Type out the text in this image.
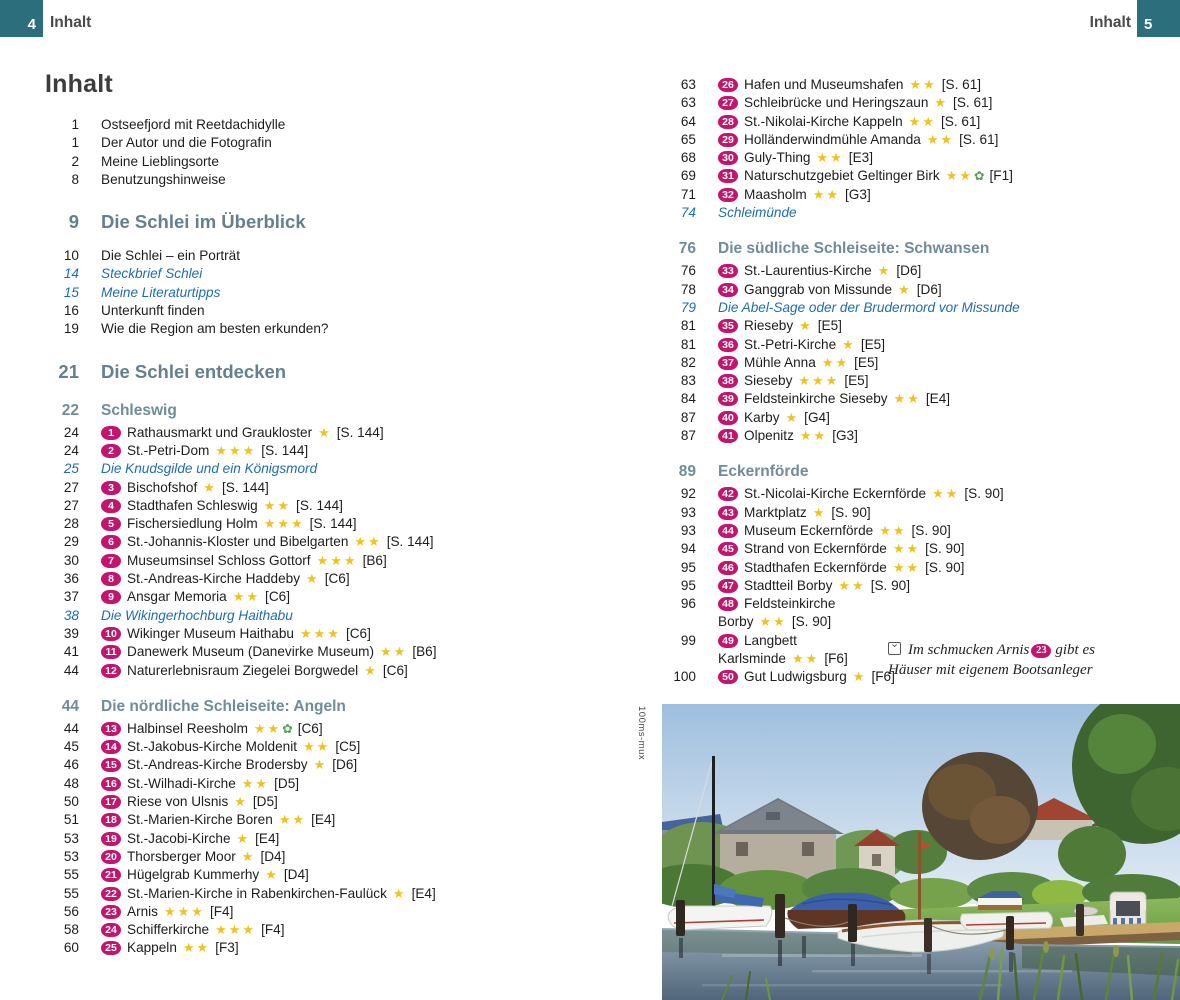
4 Inhalt	5
Inhalt
Inhalt
1	Ostseefjord mit Reetdachidylle
1	Der Autor und die Fotografin
2	Meine Lieblingsorte
8	Benutzungshinweise
9	Die Schlei im Überblick
10	Die Schlei – ein Porträt
14	Steckbrief Schlei
15	Meine Literaturtipps
16	Unterkunft finden
19	Wie die Region am besten erkunden?
21	Die Schlei entdecken
22	Schleswig
24	1 Rathausmarkt und Graukloster ★ [S. 144]
24	2 St.-Petri-Dom ★★★ [S. 144]
25	Die Knudsgilde und ein Königsmord
27	3 Bischofshof ★ [S. 144]
27	4 Stadthafen Schleswig ★★ [S. 144]
28	5 Fischersiedlung Holm ★★★ [S. 144]
29	6 St.-Johannis-Kloster und Bibelgarten ★★ [S. 144]
30	7 Museumsinsel Schloss Gottorf ★★★ [B6]
36	8 St.-Andreas-Kirche Haddeby ★ [C6]
37	9 Ansgar Memoria ★★ [C6]
38	Die Wikingerhochburg Haithabu
39	10 Wikinger Museum Haithabu ★★★ [C6]
41	11 Danewerk Museum (Danevirke Museum) ★★ [B6]
44	12 Naturerlebnisraum Ziegelei Borgwedel ★ [C6]
44	Die nördliche Schleiseite: Angeln
44	13 Halbinsel Reesholm ★★✿ [C6]
45	14 St.-Jakobus-Kirche Moldenit ★★ [C5]
46	15 St.-Andreas-Kirche Brodersby ★ [D6]
48	16 St.-Wilhadi-Kirche ★★ [D5]
50	17 Riese von Ulsnis ★ [D5]
51	18 St.-Marien-Kirche Boren ★★ [E4]
53	19 St.-Jacobi-Kirche ★ [E4]
53	20 Thorsberger Moor ★ [D4]
55	21 Hügelgrab Kummerhy ★ [D4]
55	22 St.-Marien-Kirche in Rabenkirchen-Faulück ★ [E4]
56	23 Arnis ★★★ [F4]
58	24 Schifferkirche ★★★ [F4]
60	25 Kappeln ★★ [F3]
63	26 Hafen und Museumshafen ★★ [S. 61]
63	27 Schleibrücke und Heringszaun ★ [S. 61]
64	28 St.-Nikolai-Kirche Kappeln ★★ [S. 61]
65	29 Holländerwindmühle Amanda ★★ [S. 61]
68	30 Guly-Thing ★★ [E3]
69	31 Naturschutzgebiet Geltinger Birk ★★✿ [F1]
71	32 Maasholm ★★ [G3]
74	Schleimünde
76	Die südliche Schleiseite: Schwansen
76	33 St.-Laurentius-Kirche ★ [D6]
78	34 Ganggrab von Missunde ★ [D6]
79	Die Abel-Sage oder der Brudermord vor Missunde
81	35 Rieseby ★ [E5]
81	36 St.-Petri-Kirche ★ [E5]
82	37 Mühle Anna ★★ [E5]
83	38 Sieseby ★★★ [E5]
84	39 Feldsteinkirche Sieseby ★★ [E4]
87	40 Karby ★ [G4]
87	41 Olpenitz ★★ [G3]
89	Eckernförde
92	42 St.-Nicolai-Kirche Eckernförde ★★ [S. 90]
93	43 Marktplatz ★ [S. 90]
93	44 Museum Eckernförde ★★ [S. 90]
94	45 Strand von Eckernförde ★★ [S. 90]
95	46 Stadthafen Eckernförde ★★ [S. 90]
95	47 Stadtteil Borby ★★ [S. 90]
96	48 Feldsteinkirche
Borby ★★ [S. 90]
99	49 Langbett
Karlsminde ★★ [F6]
100	50 Gut Ludwigsburg ★ [F6]
⌄ Im schmucken Arnis 23 gibt es
Häuser mit eigenem Bootsanleger
100ms-mux
